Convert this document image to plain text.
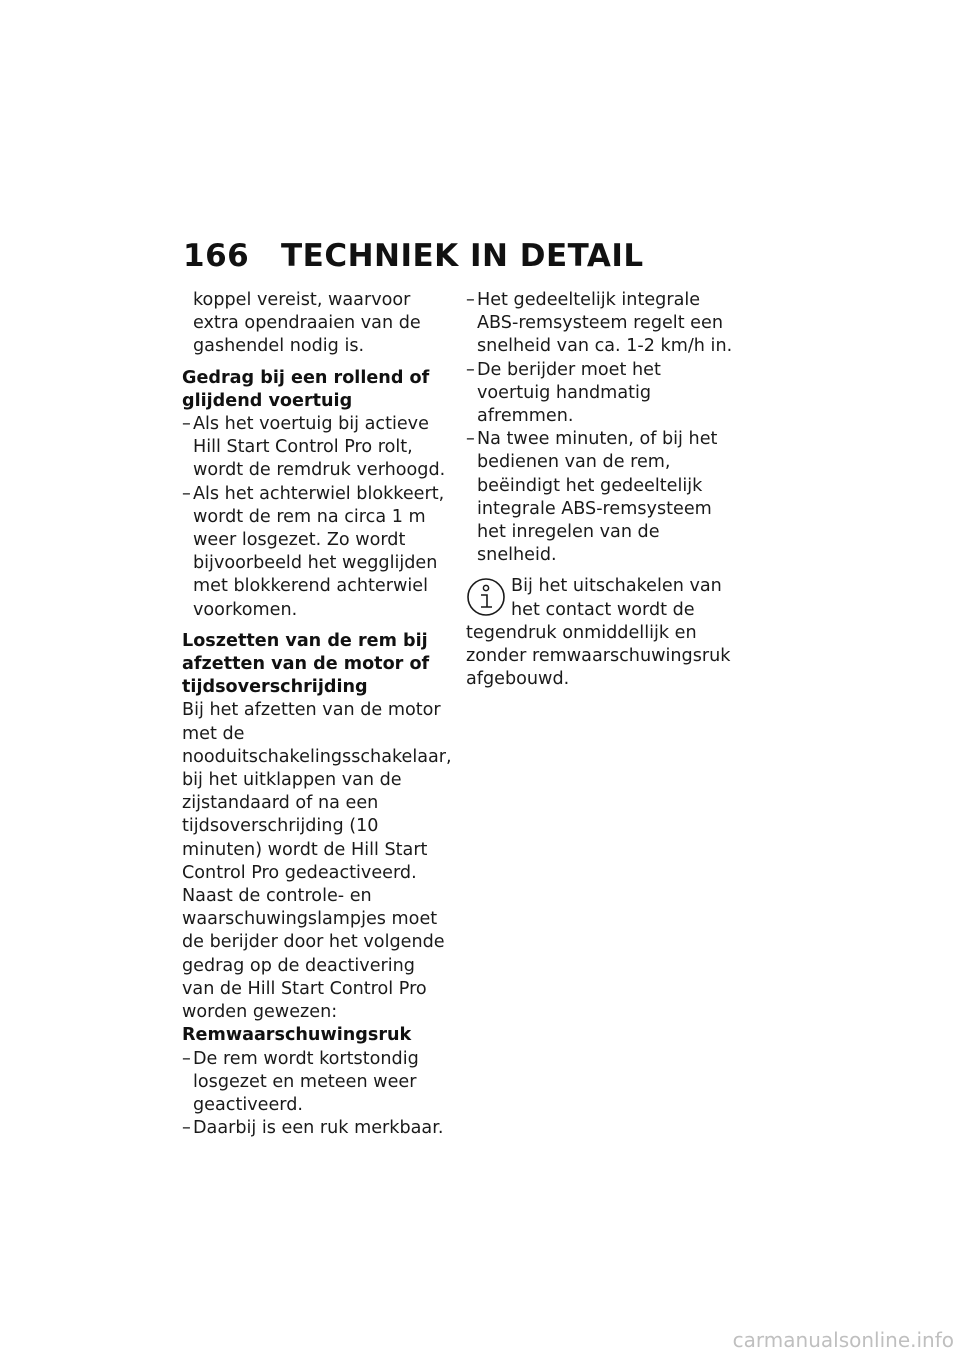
166 TECHNIEK IN DETAIL

koppel vereist, waarvoor extra opendraaien van de gashendel nodig is.

Gedrag bij een rollend of glijdend voertuig
– Als het voertuig bij actieve Hill Start Control Pro rolt, wordt de remdruk verhoogd.
– Als het achterwiel blokkeert, wordt de rem na circa 1 m weer losgezet. Zo wordt bijvoorbeeld het wegglijden met blokkerend achterwiel voorkomen.
Loszetten van de rem bij afzetten van de motor of tijdsoverschrijding

Bij het afzetten van de motor met de nooduitschakelingsschakelaar, bij het uitklappen van de zijstandaard of na een tijdsoverschrijding (10 minuten) wordt de Hill Start Control Pro gedeactiveerd.

Naast de controle- en waarschuwingslampjes moet de berijder door het volgende gedrag op de deactivering van de Hill Start Control Pro worden gewezen:

Remwaarschuwingsruk
– De rem wordt kortstondig losgezet en meteen weer geactiveerd.
– Daarbij is een ruk merkbaar.
– Het gedeeltelijk integrale ABS-remsysteem regelt een snelheid van ca. 1-2 km/h in.
– De berijder moet het voertuig handmatig afremmen.
– Na twee minuten, of bij het bedienen van de rem, beëindigt het gedeeltelijk integrale ABS-remsysteem het inregelen van de snelheid.

Bij het uitschakelen van het contact wordt de tegendruk onmiddellijk en zonder remwaarschuwingsruk afgebouwd.

carmanualsonline.info
